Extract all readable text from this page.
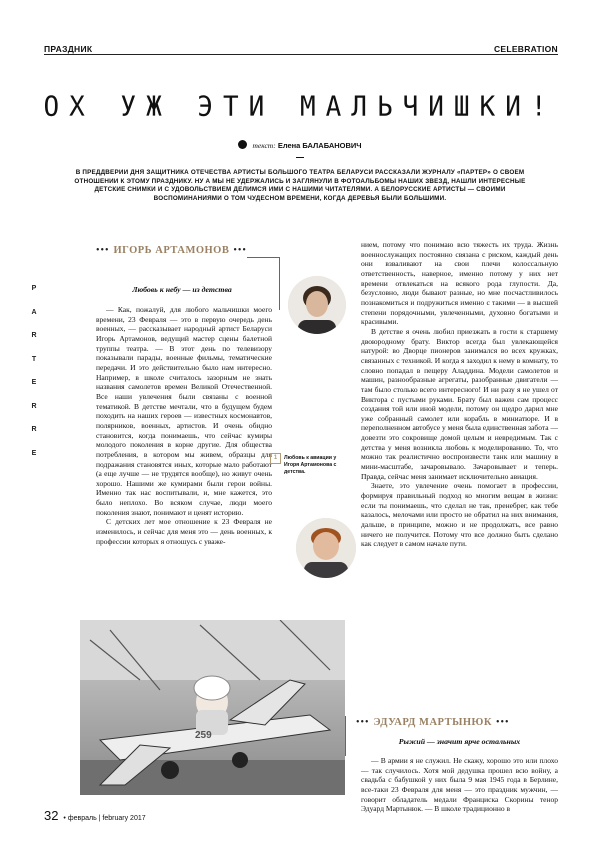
ПРАЗДНИК	CELEBRATION
ОХ УЖ ЭТИ МАЛЬЧИШКИ!
текст: Елена БАЛАБАНОВИЧ
В ПРЕДДВЕРИИ ДНЯ ЗАЩИТНИКА ОТЕЧЕСТВА АРТИСТЫ БОЛЬШОГО ТЕАТРА БЕЛАРУСИ РАССКАЗАЛИ ЖУРНАЛУ «ПАРТЕР» О СВОЕМ ОТНОШЕНИИ К ЭТОМУ ПРАЗДНИКУ. НУ А МЫ НЕ УДЕРЖАЛИСЬ И ЗАГЛЯНУЛИ В ФОТОАЛЬБОМЫ НАШИХ ЗВЕЗД, НАШЛИ ИНТЕРЕСНЫЕ ДЕТСКИЕ СНИМКИ И С УДОВОЛЬСТВИЕМ ДЕЛИМСЯ ИМИ С НАШИМИ ЧИТАТЕЛЯМИ. А БЕЛОРУССКИЕ АРТИСТЫ — СВОИМИ ВОСПОМИНАНИЯМИ О ТОМ ЧУДЕСНОМ ВРЕМЕНИ, КОГДА ДЕРЕВЬЯ БЫЛИ БОЛЬШИМИ.
P
A
R
T
E
R
R
E
••• ИГОРЬ АРТАМОНОВ •••
Любовь к небу — из детства

— Как, пожалуй, для любого мальчишки моего времени, 23 Февраля — это в первую очередь день военных, — рассказывает народный артист Беларуси Игорь Артамонов, ведущий мастер сцены балетной труппы театра. — В этот день по телевизору показывали парады, военные фильмы, тематические передачи. И это действительно было нам интересно. Например, в школе считалось зазорным не знать названия самолетов времен Великой Отечественной. Все наши увлечения были связаны с военной тематикой. В детстве мечтали, что в будущем будем походить на наших героев — известных космонавтов, полярников, военных, артистов. И очень обидно становится, когда понимаешь, что сейчас кумиры молодого поколения в корне другие. Для общества потребления, в котором мы живем, образцы для подражания становятся иных, которые мало работают (а еще лучше — не трудятся вообще), но живут очень хорошо. Нашими же кумирами были герои войны. Именно так нас воспитывали, и, мне кажется, это было неплохо. Во всяком случае, люди моего поколения знают, понимают и ценят историю.

С детских лет мое отношение к 23 Февраля не изменилось, и сейчас для меня это — день военных, к профессии которых я отношусь с уваже-

1	Любовь к авиации у Игоря Артамонова с детства.

нием, потому что понимаю всю тяжесть их труда. Жизнь военнослужащих постоянно связана с риском, каждый день они взваливают на свои плечи колоссальную ответственность, наверное, именно потому у них нет времени отвлекаться на всякого рода глупости. Да, безусловно, люди бывают разные, но мне посчастливилось познакомиться и подружиться именно с такими — в высшей степени порядочными, увлеченными, духовно богатыми и красивыми.

В детстве я очень любил приезжать в гости к старшему двоюродному брату. Виктор всегда был увлекающейся натурой: во Дворце пионеров занимался во всех кружках, связанных с техникой. И когда я заходил к нему в комнату, то словно попадал в пещеру Аладдина. Модели самолетов и машин, разнообразные агрегаты, разобранные двигатели — там было столько всего интересного! И ни разу я не ушел от Виктора с пустыми руками. Брату был важен сам процесс создания той или иной модели, потому он щедро дарил мне уже собранный самолет или корабль в миниатюре. И в переполненном автобусе у меня была единственная забота — довезти это сокровище домой целым и невредимым. Так с детства у меня возникла любовь к моделированию. То, что можно так реалистично воспроизвести танк или машину в мини-масштабе, зачаровывало. Зачаровывает и теперь. Правда, сейчас меня занимает исключительно авиация.

Знаете, это увлечение очень помогает в профессии, формируя правильный подход ко многим вещам в жизни: если ты понимаешь, что сделал не так, пренебрег, как тебе казалось, мелочами или просто не обратил на них внимания, дальше, в принципе, можно и не продолжать, все равно ничего не получится. Потому что все должно быть сделано как следует в самом начале пути.

259
••• ЭДУАРД МАРТЫНЮК •••
Рыжий — значит ярче остальных

— В армии я не служил. Не скажу, хорошо это или плохо — так случилось. Хотя мой дедушка прошел всю войну, а свадьба с бабушкой у них была 9 мая 1945 года в Берлине, все-таки 23 Февраля для меня — это праздник мужчин, — говорит обладатель медали Франциска Скорины тенор Эдуард Мартынюк. — В школе традиционно в

32 • февраль | february 2017
